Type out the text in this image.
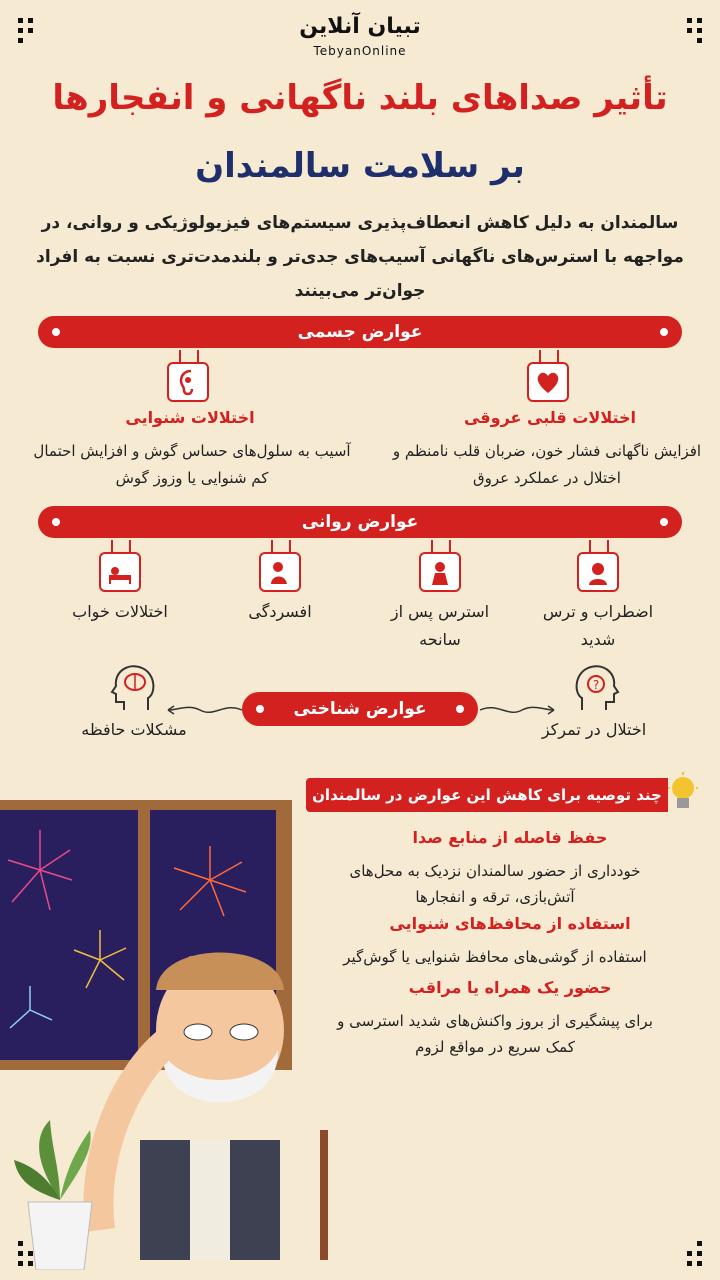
تبیان آنلاین
TebyanOnline
تأثیر صداهای بلند ناگهانی و انفجارها
بر سلامت سالمندان
سالمندان به دلیل کاهش انعطاف‌پذیری سیستم‌های فیزیولوژیکی و روانی، در مواجهه با استرس‌های ناگهانی آسیب‌های جدی‌تر و بلندمدت‌تری نسبت به افراد جوان‌تر می‌بینند
عوارض جسمی
اختلالات قلبی عروقی
افزایش ناگهانی فشار خون، ضربان قلب نامنظم و اختلال در عملکرد عروق
اختلالات شنوایی
آسیب به سلول‌های حساس گوش و افزایش احتمال کم شنوایی یا وزوز گوش
عوارض روانی
اضطراب و ترس شدید
استرس پس از سانحه
افسردگی
اختلالات خواب
?
اختلال در تمرکز
مشکلات حافظه
عوارض شناختی
چند توصیه برای کاهش این عوارض در سالمندان
حفظ فاصله از منابع صدا
خودداری از حضور سالمندان نزدیک به محل‌های آتش‌بازی، ترقه و انفجارها
استفاده از محافظ‌های شنوایی
استفاده از گوشی‌های محافظ شنوایی یا گوش‌گیر
حضور یک همراه یا مراقب
برای پیشگیری از بروز واکنش‌های شدید استرسی و کمک سریع در مواقع لزوم
